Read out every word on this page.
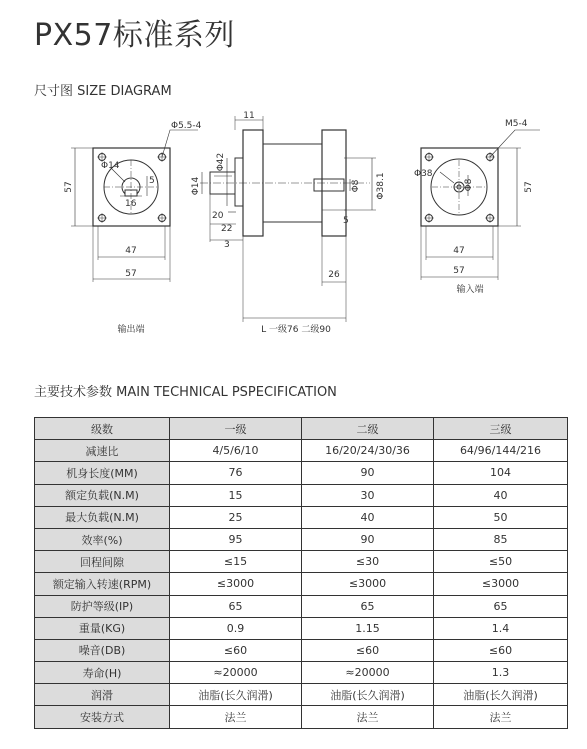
PX57标准系列
尺寸图 SIZE DIAGRAM
Φ5.5-4
Φ14
5
16
57
47
57
输出端
11
Φ42
Φ14
20
22
3
Φ8 Φ38.1
5
26
L 一级76 二级90
M5-4
Φ38
Φ8	57
47
57
输入端
主要技术参数 MAIN TECHNICAL PSPECIFICATION
级数	一级	二级	三级
减速比	4/5/6/10	16/20/24/30/36	64/96/144/216
机身长度(MM)	76	90	104
额定负载(N.M)	15	30	40
最大负载(N.M)	25	40	50
效率(%)	95	90	85
回程间隙	≤15	≤30	≤50
额定输入转速(RPM)	≤3000	≤3000	≤3000
防护等级(IP)	65	65	65
重量(KG)	0.9	1.15	1.4
噪音(DB)	≤60	≤60	≤60
寿命(H)	≈20000	≈20000	1.3
润滑	油脂(长久润滑)	油脂(长久润滑)	油脂(长久润滑)
安装方式	法兰	法兰	法兰
